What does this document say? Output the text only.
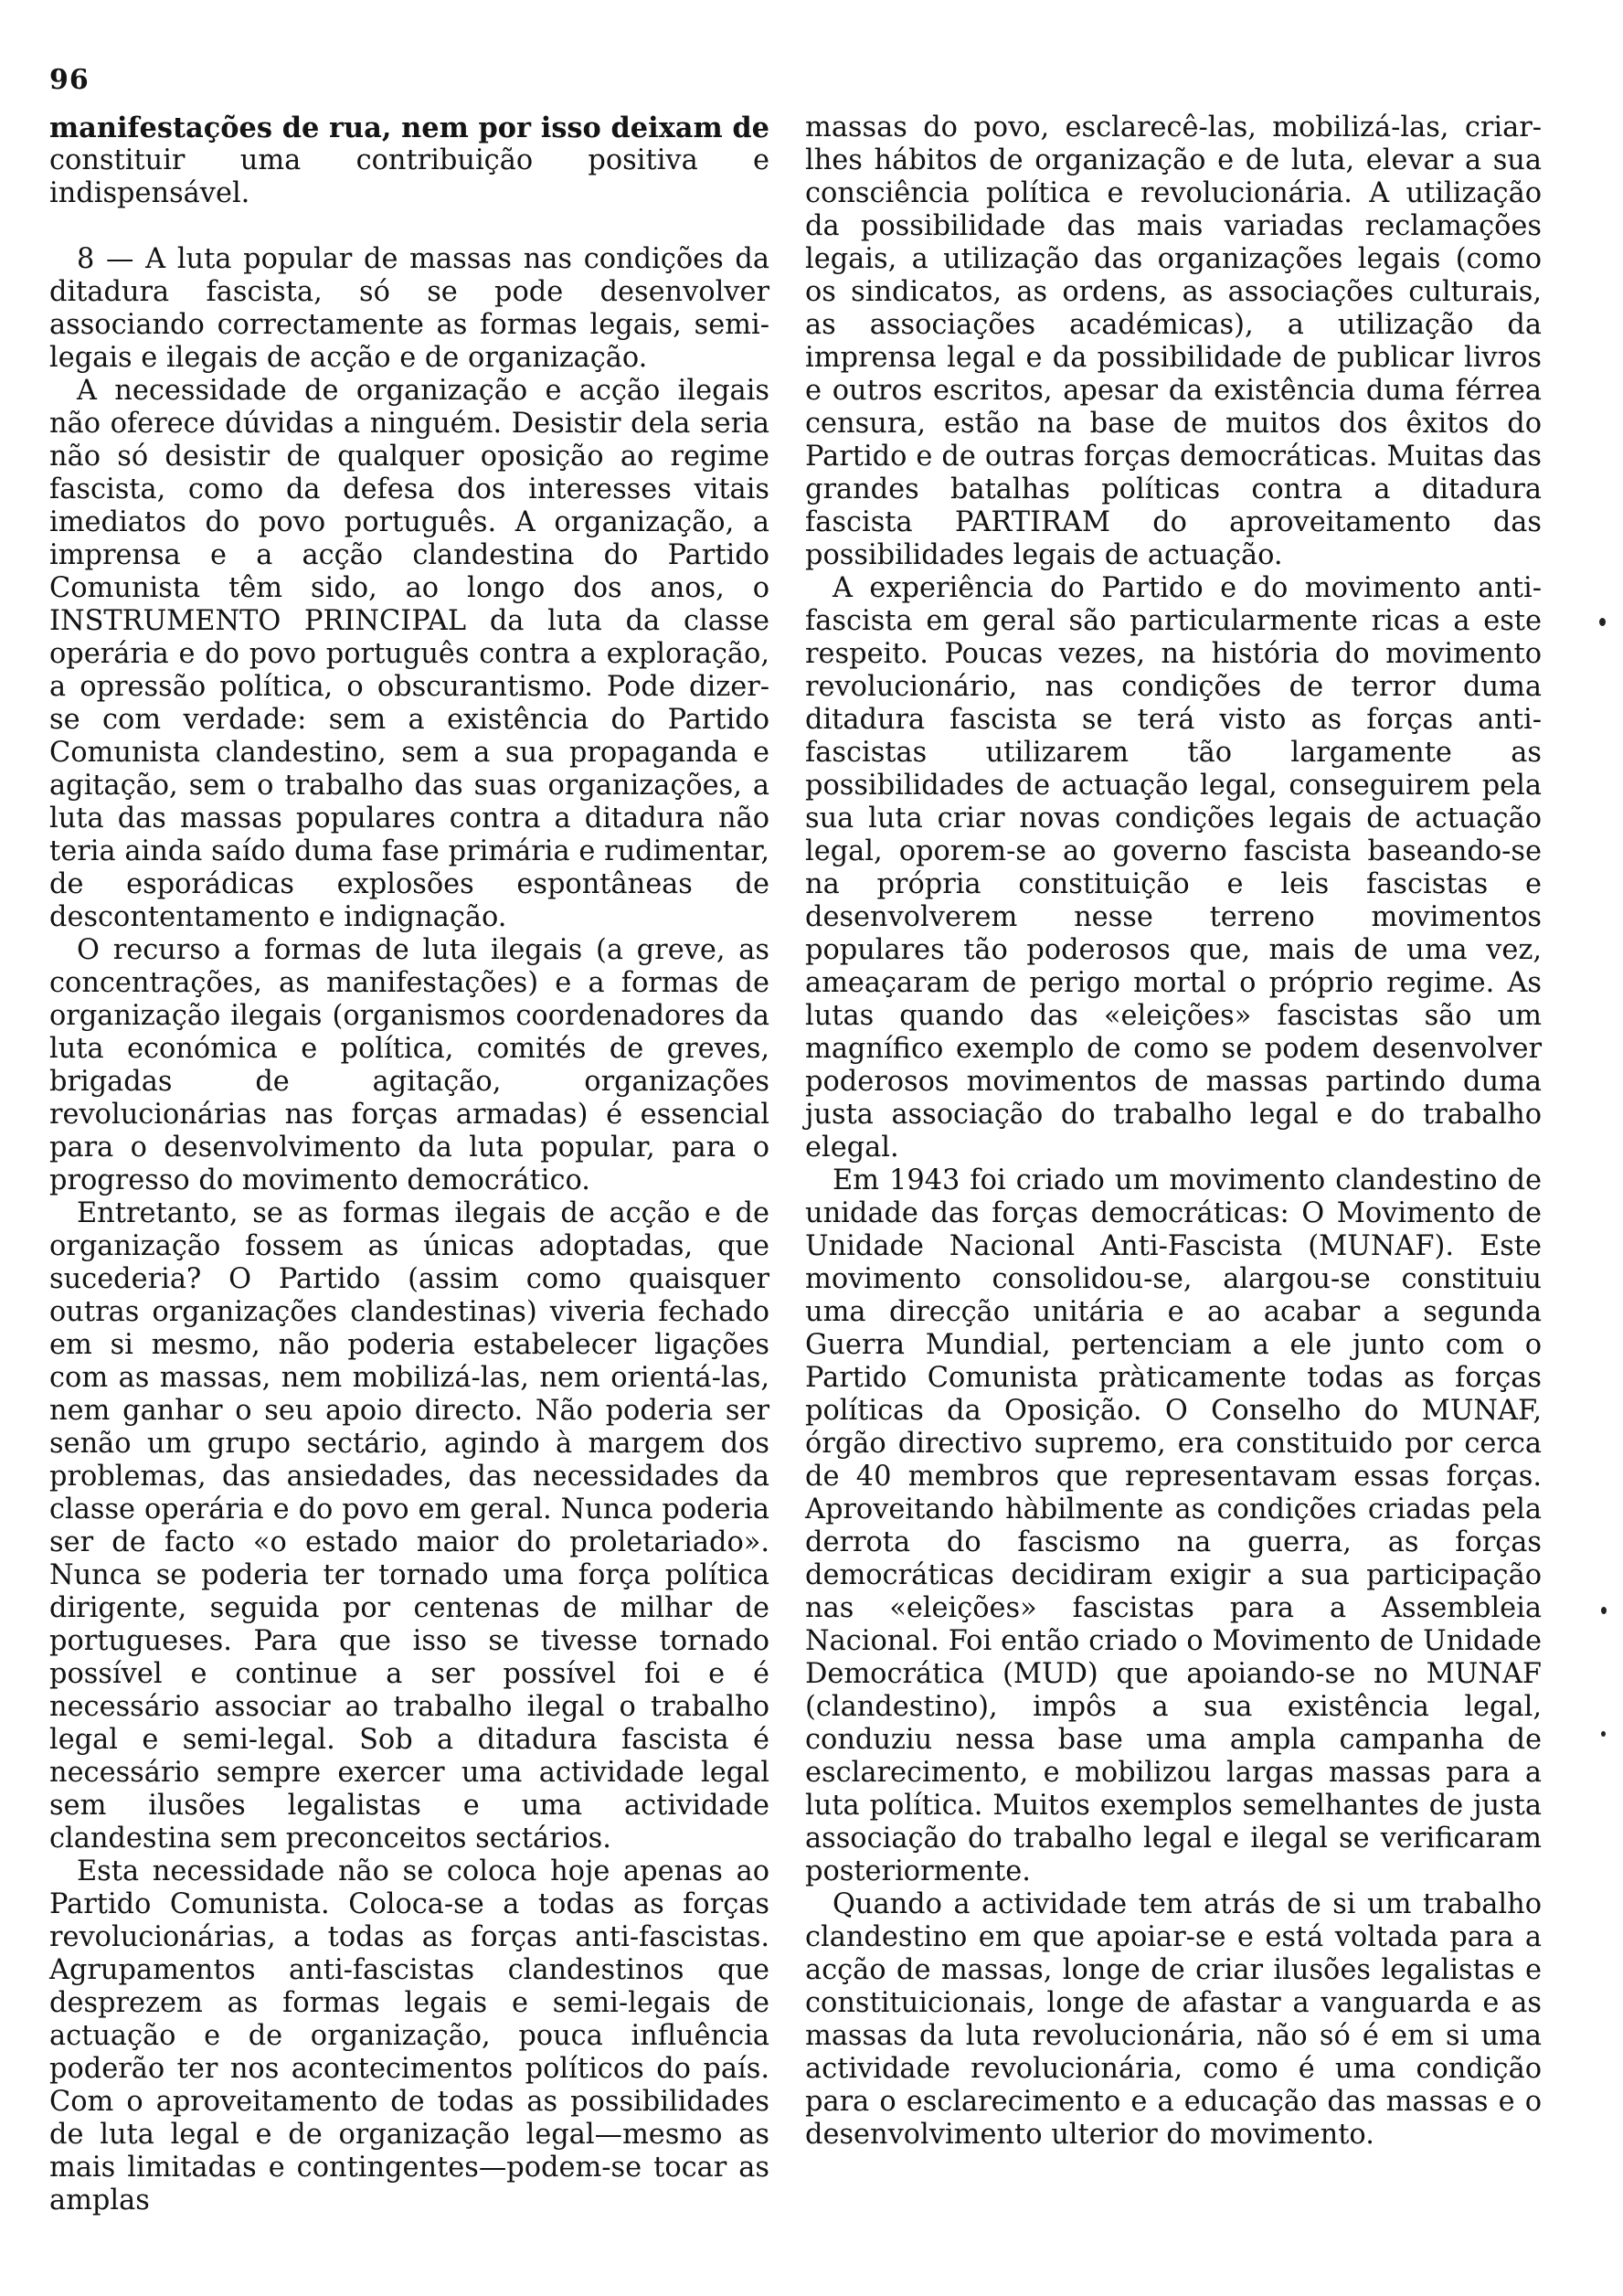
96

manifestações de rua, nem por isso deixam de constituir uma contribuição positiva e indispensável.

8 — A luta popular de massas nas condições da ditadura fascista, só se pode desenvolver associando correctamente as formas legais, semi-legais e ilegais de acção e de organização.

A necessidade de organização e acção ilegais não oferece dúvidas a ninguém. Desistir dela seria não só desistir de qualquer oposição ao regime fascista, como da defesa dos interesses vitais imediatos do povo português. A organização, a imprensa e a acção clandestina do Partido Comunista têm sido, ao longo dos anos, o INSTRUMENTO PRINCIPAL da luta da classe operária e do povo português contra a exploração, a opressão política, o obscurantismo. Pode dizer-se com verdade: sem a existência do Partido Comunista clandestino, sem a sua propaganda e agitação, sem o trabalho das suas organizações, a luta das massas populares contra a ditadura não teria ainda saído duma fase primária e rudimentar, de esporádicas explosões espontâneas de descontentamento e indignação.

O recurso a formas de luta ilegais (a greve, as concentrações, as manifestações) e a formas de organização ilegais (organismos coordenadores da luta económica e política, comités de greves, brigadas de agitação, organizações revolucionárias nas forças armadas) é essencial para o desenvolvimento da luta popular, para o progresso do movimento democrático.

Entretanto, se as formas ilegais de acção e de organização fossem as únicas adoptadas, que sucederia? O Partido (assim como quaisquer outras organizações clandestinas) viveria fechado em si mesmo, não poderia estabelecer ligações com as massas, nem mobilizá-las, nem orientá-las, nem ganhar o seu apoio directo. Não poderia ser senão um grupo sectário, agindo à margem dos problemas, das ansiedades, das necessidades da classe operária e do povo em geral. Nunca poderia ser de facto «o estado maior do proletariado». Nunca se poderia ter tornado uma força política dirigente, seguida por centenas de milhar de portugueses. Para que isso se tivesse tornado possível e continue a ser possível foi e é necessário associar ao trabalho ilegal o trabalho legal e semi-legal. Sob a ditadura fascista é necessário sempre exercer uma actividade legal sem ilusões legalistas e uma actividade clandestina sem preconceitos sectários.

Esta necessidade não se coloca hoje apenas ao Partido Comunista. Coloca-se a todas as forças revolucionárias, a todas as forças anti-fascistas. Agrupamentos anti-fascistas clandestinos que desprezem as formas legais e semi-legais de actuação e de organização, pouca influência poderão ter nos acontecimentos políticos do país. Com o aproveitamento de todas as possibilidades de luta legal e de organização legal—mesmo as mais limitadas e contingentes—podem-se tocar as amplas

massas do povo, esclarecê-las, mobilizá-las, criar-lhes hábitos de organização e de luta, elevar a sua consciência política e revolucionária. A utilização da possibilidade das mais variadas reclamações legais, a utilização das organizações legais (como os sindicatos, as ordens, as associações culturais, as associações académicas), a utilização da imprensa legal e da possibilidade de publicar livros e outros escritos, apesar da existência duma férrea censura, estão na base de muitos dos êxitos do Partido e de outras forças democráticas. Muitas das grandes batalhas políticas contra a ditadura fascista PARTIRAM do aproveitamento das possibilidades legais de actuação.

A experiência do Partido e do movimento anti-fascista em geral são particularmente ricas a este respeito. Poucas vezes, na história do movimento revolucionário, nas condições de terror duma ditadura fascista se terá visto as forças anti-fascistas utilizarem tão largamente as possibilidades de actuação legal, conseguirem pela sua luta criar novas condições legais de actuação legal, oporem-se ao governo fascista baseando-se na própria constituição e leis fascistas e desenvolverem nesse terreno movimentos populares tão poderosos que, mais de uma vez, ameaçaram de perigo mortal o próprio regime. As lutas quando das «eleições» fascistas são um magnífico exemplo de como se podem desenvolver poderosos movimentos de massas partindo duma justa associação do trabalho legal e do trabalho elegal.

Em 1943 foi criado um movimento clandestino de unidade das forças democráticas: O Movimento de Unidade Nacional Anti-Fascista (MUNAF). Este movimento consolidou-se, alargou-se constituiu uma direcção unitária e ao acabar a segunda Guerra Mundial, pertenciam a ele junto com o Partido Comunista pràticamente todas as forças políticas da Oposição. O Conselho do MUNAF, órgão directivo supremo, era constituido por cerca de 40 membros que representavam essas forças. Aproveitando hàbilmente as condições criadas pela derrota do fascismo na guerra, as forças democráticas decidiram exigir a sua participação nas «eleições» fascistas para a Assembleia Nacional. Foi então criado o Movimento de Unidade Democrática (MUD) que apoiando-se no MUNAF (clandestino), impôs a sua existência legal, conduziu nessa base uma ampla campanha de esclarecimento, e mobilizou largas massas para a luta política. Muitos exemplos semelhantes de justa associação do trabalho legal e ilegal se verificaram posteriormente.

Quando a actividade tem atrás de si um trabalho clandestino em que apoiar-se e está voltada para a acção de massas, longe de criar ilusões legalistas e constituicionais, longe de afastar a vanguarda e as massas da luta revolucionária, não só é em si uma actividade revolucionária, como é uma condição para o esclarecimento e a educação das massas e o desenvolvimento ulterior do movimento.
